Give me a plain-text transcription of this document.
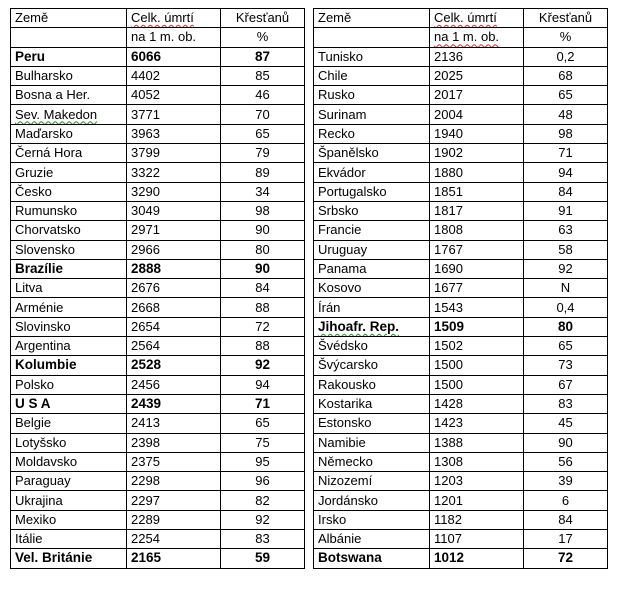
Země	Celk. úmrtí	Křesťanů
	na 1 m. ob.	%
Peru	6066	87
Bulharsko	4402	85
Bosna a Her.	4052	46
Sev. Makedon	3771	70
Maďarsko	3963	65
Černá Hora	3799	79
Gruzie	3322	89
Česko	3290	34
Rumunsko	3049	98
Chorvatsko	2971	90
Slovensko	2966	80
Brazílie	2888	90
Litva	2676	84
Arménie	2668	88
Slovinsko	2654	72
Argentina	2564	88
Kolumbie	2528	92
Polsko	2456	94
U S A	2439	71
Belgie	2413	65
Lotyšsko	2398	75
Moldavsko	2375	95
Paraguay	2298	96
Ukrajina	2297	82
Mexiko	2289	92
Itálie	2254	83
Vel. Británie	2165	59
Země	Celk. úmrtí	Křesťanů
	na 1 m. ob.	%
Tunisko	2136	0,2
Chile	2025	68
Rusko	2017	65
Surinam	2004	48
Recko	1940	98
Španělsko	1902	71
Ekvádor	1880	94
Portugalsko	1851	84
Srbsko	1817	91
Francie	1808	63
Uruguay	1767	58
Panama	1690	92
Kosovo	1677	N
Írán	1543	0,4
Jihoafr. Rep.	1509	80
Švédsko	1502	65
Švýcarsko	1500	73
Rakousko	1500	67
Kostarika	1428	83
Estonsko	1423	45
Namibie	1388	90
Německo	1308	56
Nizozemí	1203	39
Jordánsko	1201	6
Irsko	1182	84
Albánie	1107	17
Botswana	1012	72
